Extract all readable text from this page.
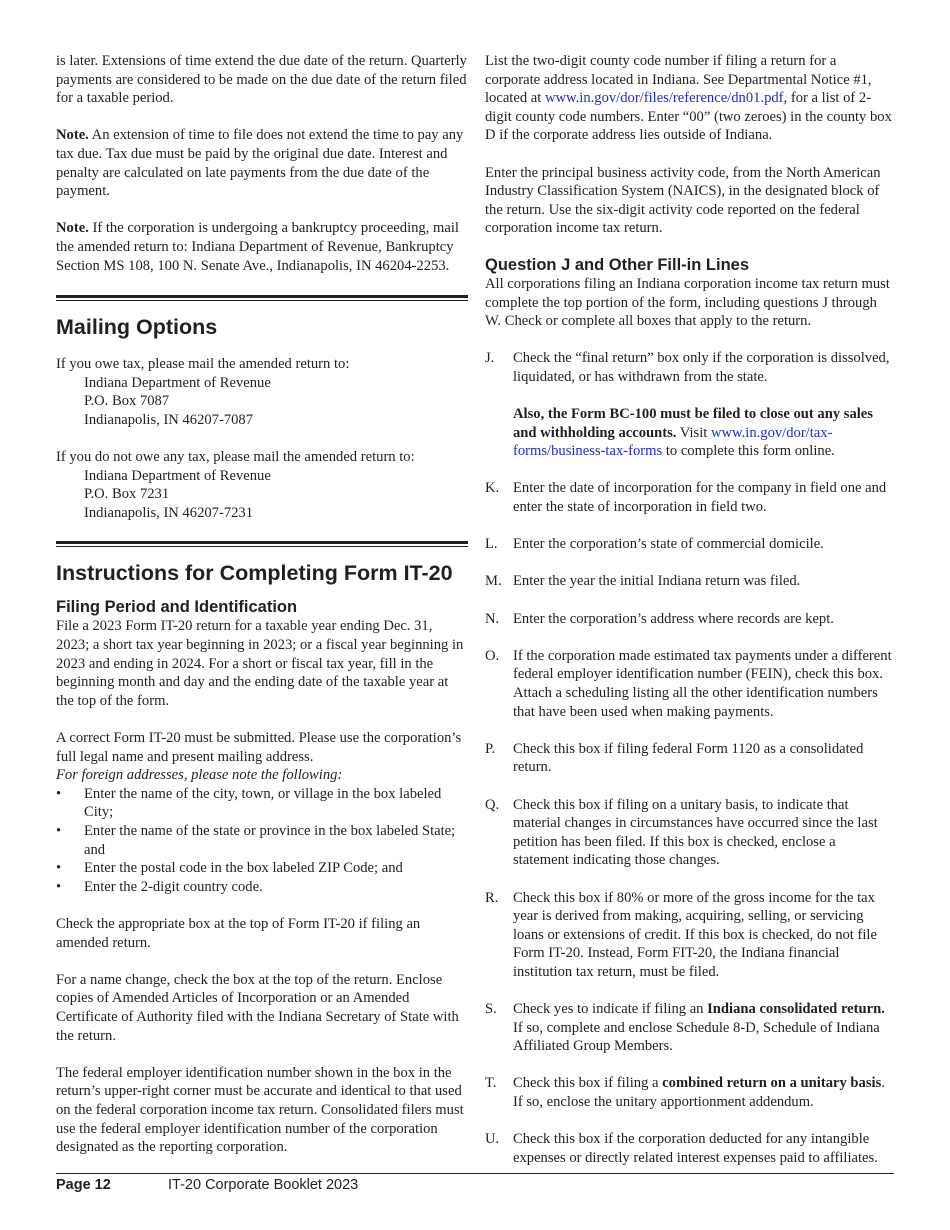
is later. Extensions of time extend the due date of the return. Quarterly payments are considered to be made on the due date of the return filed for a taxable period.

Note. An extension of time to file does not extend the time to pay any tax due. Tax due must be paid by the original due date. Interest and penalty are calculated on late payments from the due date of the payment.

Note. If the corporation is undergoing a bankruptcy proceeding, mail the amended return to: Indiana Department of Revenue, Bankruptcy Section MS 108, 100 N. Senate Ave., Indianapolis, IN 46204-2253.

Mailing Options

If you owe tax, please mail the amended return to:

Indiana Department of Revenue
P.O. Box 7087
Indianapolis, IN 46207-7087

If you do not owe any tax, please mail the amended return to:

Indiana Department of Revenue
P.O. Box 7231
Indianapolis, IN 46207-7231
Instructions for Completing Form IT-20
Filing Period and Identification

File a 2023 Form IT-20 return for a taxable year ending Dec. 31, 2023; a short tax year beginning in 2023; or a fiscal year beginning in 2023 and ending in 2024. For a short or fiscal tax year, fill in the beginning month and day and the ending date of the taxable year at the top of the form.

A correct Form IT-20 must be submitted. Please use the corporation’s full legal name and present mailing address.

For foreign addresses, please note the following:

• Enter the name of the city, town, or village in the box labeled City;
• Enter the name of the state or province in the box labeled State; and
• Enter the postal code in the box labeled ZIP Code; and
• Enter the 2-digit country code.

Check the appropriate box at the top of Form IT-20 if filing an amended return.

For a name change, check the box at the top of the return. Enclose copies of Amended Articles of Incorporation or an Amended Certificate of Authority filed with the Indiana Secretary of State with the return.

The federal employer identification number shown in the box in the return’s upper-right corner must be accurate and identical to that used on the federal corporation income tax return. Consolidated filers must use the federal employer identification number of the corporation designated as the reporting corporation.

List the two-digit county code number if filing a return for a corporate address located in Indiana. See Departmental Notice #1, located at www.in.gov/dor/files/reference/dn01.pdf, for a list of 2-digit county code numbers. Enter “00” (two zeroes) in the county box D if the corporate address lies outside of Indiana.

Enter the principal business activity code, from the North American Industry Classification System (NAICS), in the designated block of the return. Use the six-digit activity code reported on the federal corporation income tax return.

Question J and Other Fill-in Lines

All corporations filing an Indiana corporation income tax return must complete the top portion of the form, including questions J through W. Check or complete all boxes that apply to the return.

J.	Check the “final return” box only if the corporation is dissolved, liquidated, or has withdrawn from the state.

Also, the Form BC-100 must be filed to close out any sales and withholding accounts. Visit www.in.gov/dor/tax-forms/business-tax-forms to complete this form online.

K. Enter the date of incorporation for the company in field one and enter the state of incorporation in field two.
L.	Enter the corporation’s state of commercial domicile.
M. Enter the year the initial Indiana return was filed.
N. Enter the corporation’s address where records are kept.
O. If the corporation made estimated tax payments under a different federal employer identification number (FEIN), check this box. Attach a scheduling listing all the other identification numbers that have been used when making payments.
P.	Check this box if filing federal Form 1120 as a consolidated return.
Q. Check this box if filing on a unitary basis, to indicate that material changes in circumstances have occurred since the last petition has been filed. If this box is checked, enclose a statement indicating those changes.
R.	Check this box if 80% or more of the gross income for the tax year is derived from making, acquiring, selling, or servicing loans or extensions of credit. If this box is checked, do not file Form IT-20. Instead, Form FIT-20, the Indiana financial institution tax return, must be filed.
S.	Check yes to indicate if filing an Indiana consolidated return. If so, complete and enclose Schedule 8-D, Schedule of Indiana Affiliated Group Members.
T.	Check this box if filing a combined return on a unitary basis. If so, enclose the unitary apportionment addendum.
U. Check this box if the corporation deducted for any intangible expenses or directly related interest expenses paid to affiliates.
Page 12	IT-20 Corporate Booklet 2023
